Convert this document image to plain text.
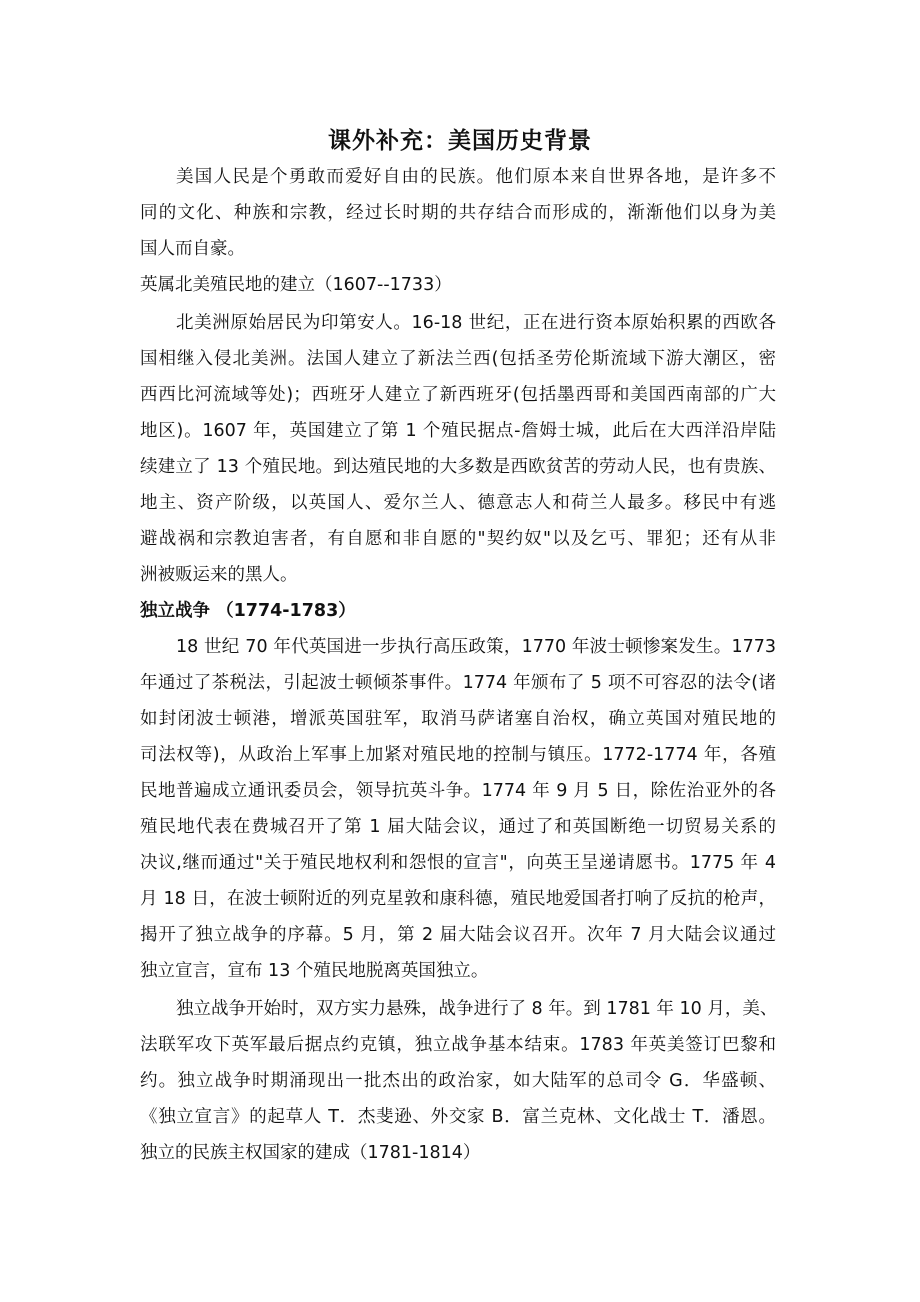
课外补充：美国历史背景
美国人民是个勇敢而爱好自由的民族。他们原本来自世界各地，是许多不
同的文化、种族和宗教，经过长时期的共存结合而形成的，渐渐他们以身为美
国人而自豪。
英属北美殖民地的建立（1607--1733）
北美洲原始居民为印第安人。16-18 世纪，正在进行资本原始积累的西欧各
国相继入侵北美洲。法国人建立了新法兰西(包括圣劳伦斯流域下游大潮区，密
西西比河流域等处)；西班牙人建立了新西班牙(包括墨西哥和美国西南部的广大
地区)。1607 年，英国建立了第 1 个殖民据点-詹姆士城，此后在大西洋沿岸陆
续建立了 13 个殖民地。到达殖民地的大多数是西欧贫苦的劳动人民，也有贵族、
地主、资产阶级，以英国人、爱尔兰人、德意志人和荷兰人最多。移民中有逃
避战祸和宗教迫害者，有自愿和非自愿的"契约奴"以及乞丐、罪犯；还有从非
洲被贩运来的黑人。
独立战争 （1774-1783）
18 世纪 70 年代英国进一步执行高压政策，1770 年波士顿惨案发生。1773
年通过了茶税法，引起波士顿倾茶事件。1774 年颁布了 5 项不可容忍的法令(诸
如封闭波士顿港，增派英国驻军，取消马萨诸塞自治权，确立英国对殖民地的
司法权等)，从政治上军事上加紧对殖民地的控制与镇压。1772-1774 年，各殖
民地普遍成立通讯委员会，领导抗英斗争。1774 年 9 月 5 日，除佐治亚外的各
殖民地代表在费城召开了第 1 届大陆会议，通过了和英国断绝一切贸易关系的
决议,继而通过"关于殖民地权利和怨恨的宣言"，向英王呈递请愿书。1775 年 4
月 18 日，在波士顿附近的列克星敦和康科德，殖民地爱国者打响了反抗的枪声，
揭开了独立战争的序幕。5 月，第 2 届大陆会议召开。次年 7 月大陆会议通过
独立宣言，宣布 13 个殖民地脱离英国独立。
独立战争开始时，双方实力悬殊，战争进行了 8 年。到 1781 年 10 月，美、
法联军攻下英军最后据点约克镇，独立战争基本结束。1783 年英美签订巴黎和
约。独立战争时期涌现出一批杰出的政治家，如大陆军的总司令 G．华盛顿、
《独立宣言》的起草人 T．杰斐逊、外交家 B．富兰克林、文化战士 T．潘恩。
独立的民族主权国家的建成（1781-1814）
